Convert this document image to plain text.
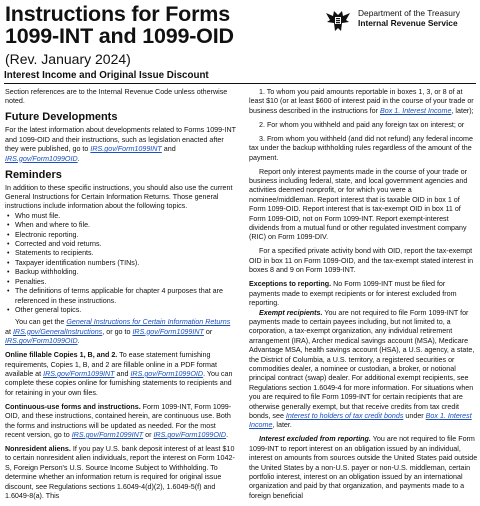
Instructions for Forms
1099-INT and 1099-OID
(Rev. January 2024)
Department of the Treasury
Internal Revenue Service
Interest Income and Original Issue Discount

Section references are to the Internal Revenue Code unless otherwise noted.

Future Developments

For the latest information about developments related to Forms 1099-INT and 1099-OID and their instructions, such as legislation enacted after they were published, go to IRS.gov/Form1099INT and IRS.gov/Form1099OID.

Reminders

In addition to these specific instructions, you should also use the current General Instructions for Certain Information Returns. Those general instructions include information about the following topics.

• Who must file.
• When and where to file.
• Electronic reporting.
• Corrected and void returns.
• Statements to recipients.
• Taxpayer identification numbers (TINs).
• Backup withholding.
• Penalties.
• The definitions of terms applicable for chapter 4 purposes that are referenced in these instructions.
• Other general topics.

You can get the General Instructions for Certain Information Returns at IRS.gov/GeneralInstructions, or go to IRS.gov/Form1099INT or IRS.gov/Form1099OID.

Online fillable Copies 1, B, and 2. To ease statement furnishing requirements, Copies 1, B, and 2 are fillable online in a PDF format available at IRS.gov/Form1099INT and IRS.gov/Form1099OID. You can complete these copies online for furnishing statements to recipients and for retaining in your own files.

Continuous-use forms and instructions. Form 1099-INT, Form 1099-OID, and these instructions, contained herein, are continuous use. Both the forms and instructions will be updated as needed. For the most recent version, go to IRS.gov/Form1099INT or IRS.gov/Form1099OID.

Nonresident aliens. If you pay U.S. bank deposit interest of at least $10 to certain nonresident alien individuals, report the interest on Form 1042-S, Foreign Person's U.S. Source Income Subject to Withholding. To determine whether an information return is required for original issue discount, see Regulations sections 1.6049-4(d)(2), 1.6049-5(f) and 1.6049-8(a). This

1. To whom you paid amounts reportable in boxes 1, 3, or 8 of at least $10 (or at least $600 of interest paid in the course of your trade or business described in the instructions for Box 1. Interest Income, later);

2. For whom you withheld and paid any foreign tax on interest; or

3. From whom you withheld (and did not refund) any federal income tax under the backup withholding rules regardless of the amount of the payment.

Report only interest payments made in the course of your trade or business including federal, state, and local government agencies and activities deemed nonprofit, or for which you were a nominee/middleman. Report interest that is taxable OID in box 1 of Form 1099-OID. Report interest that is tax-exempt OID in box 11 of Form 1099-OID, not on Form 1099-INT. Report exempt-interest dividends from a mutual fund or other regulated investment company (RIC) on Form 1099-DIV.

For a specified private activity bond with OID, report the tax-exempt OID in box 11 on Form 1099-OID, and the tax-exempt stated interest in boxes 8 and 9 on Form 1099-INT.

Exceptions to reporting. No Form 1099-INT must be filed for payments made to exempt recipients or for interest excluded from reporting.

Exempt recipients. You are not required to file Form 1099-INT for payments made to certain payees including, but not limited to, a corporation, a tax-exempt organization, any individual retirement arrangement (IRA), Archer medical savings account (MSA), Medicare Advantage MSA, health savings account (HSA), a U.S. agency, a state, the District of Columbia, a U.S. territory, a registered securities or commodities dealer, a nominee or custodian, a broker, or notional principal contract (swap) dealer. For additional exempt recipients, see Regulations section 1.6049-4 for more information. For situations when you are required to file Form 1099-INT for certain recipients that are otherwise generally exempt, but that receive credits from tax credit bonds, see Interest to holders of tax credit bonds under Box 1. Interest Income, later.

Interest excluded from reporting. You are not required to file Form 1099-INT to report interest on an obligation issued by an individual, interest on amounts from sources outside the United States paid outside the United States by a non-U.S. payer or non-U.S. middleman, certain portfolio interest, interest on an obligation issued by an international organization and paid by that organization, and payments made to a foreign beneficial
